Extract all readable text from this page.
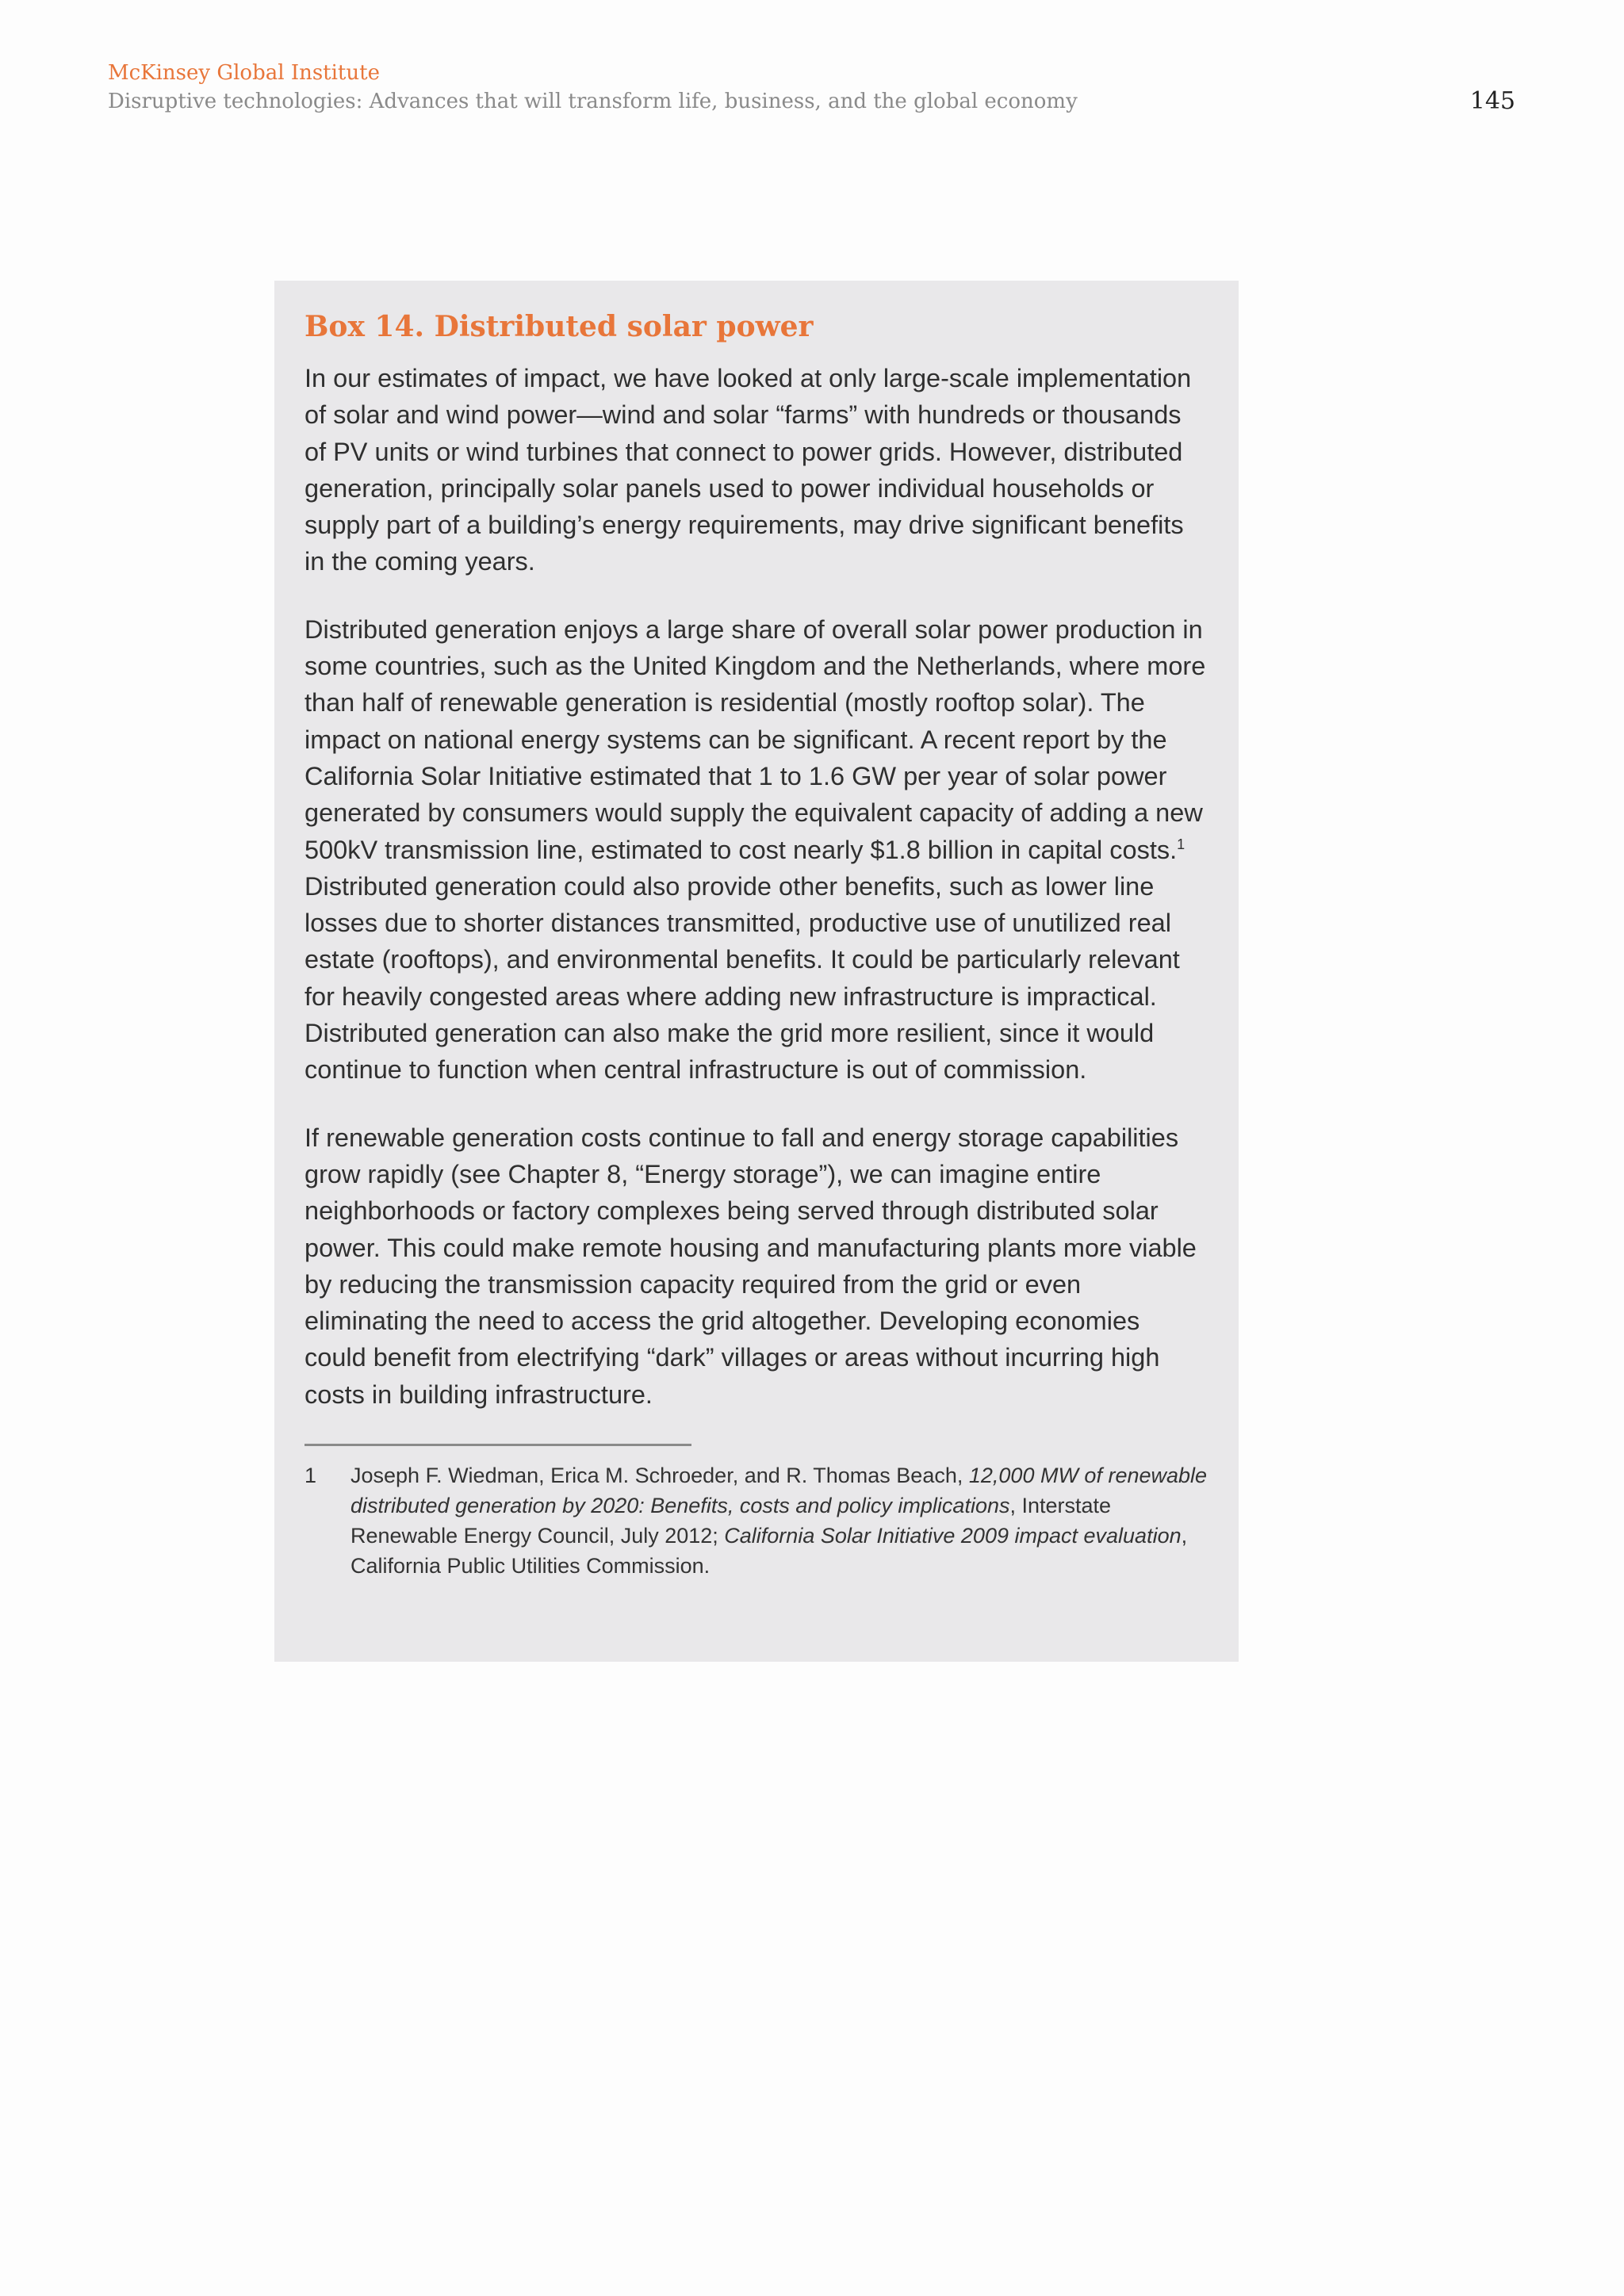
McKinsey Global Institute
Disruptive technologies: Advances that will transform life, business, and the global economy	145
Box 14. Distributed solar power

In our estimates of impact, we have looked at only large-scale implementation of solar and wind power—wind and solar “farms” with hundreds or thousands of PV units or wind turbines that connect to power grids. However, distributed generation, principally solar panels used to power individual households or supply part of a building’s energy requirements, may drive significant benefits in the coming years.

Distributed generation enjoys a large share of overall solar power production in some countries, such as the United Kingdom and the Netherlands, where more than half of renewable generation is residential (mostly rooftop solar). The impact on national energy systems can be significant. A recent report by the California Solar Initiative estimated that 1 to 1.6 GW per year of solar power generated by consumers would supply the equivalent capacity of adding a new 500kV transmission line, estimated to cost nearly $1.8 billion in capital costs.$^1$ Distributed generation could also provide other benefits, such as lower line losses due to shorter distances transmitted, productive use of unutilized real estate (rooftops), and environmental benefits. It could be particularly relevant for heavily congested areas where adding new infrastructure is impractical. Distributed generation can also make the grid more resilient, since it would continue to function when central infrastructure is out of commission.

If renewable generation costs continue to fall and energy storage capabilities grow rapidly (see Chapter 8, “Energy storage”), we can imagine entire neighborhoods or factory complexes being served through distributed solar power. This could make remote housing and manufacturing plants more viable by reducing the transmission capacity required from the grid or even eliminating the need to access the grid altogether. Developing economies could benefit from electrifying “dark” villages or areas without incurring high costs in building infrastructure.

1	Joseph F. Wiedman, Erica M. Schroeder, and R. Thomas Beach, 12,000 MW of renewable distributed generation by 2020: Benefits, costs and policy implications, Interstate Renewable Energy Council, July 2012; California Solar Initiative 2009 impact evaluation, California Public Utilities Commission.
